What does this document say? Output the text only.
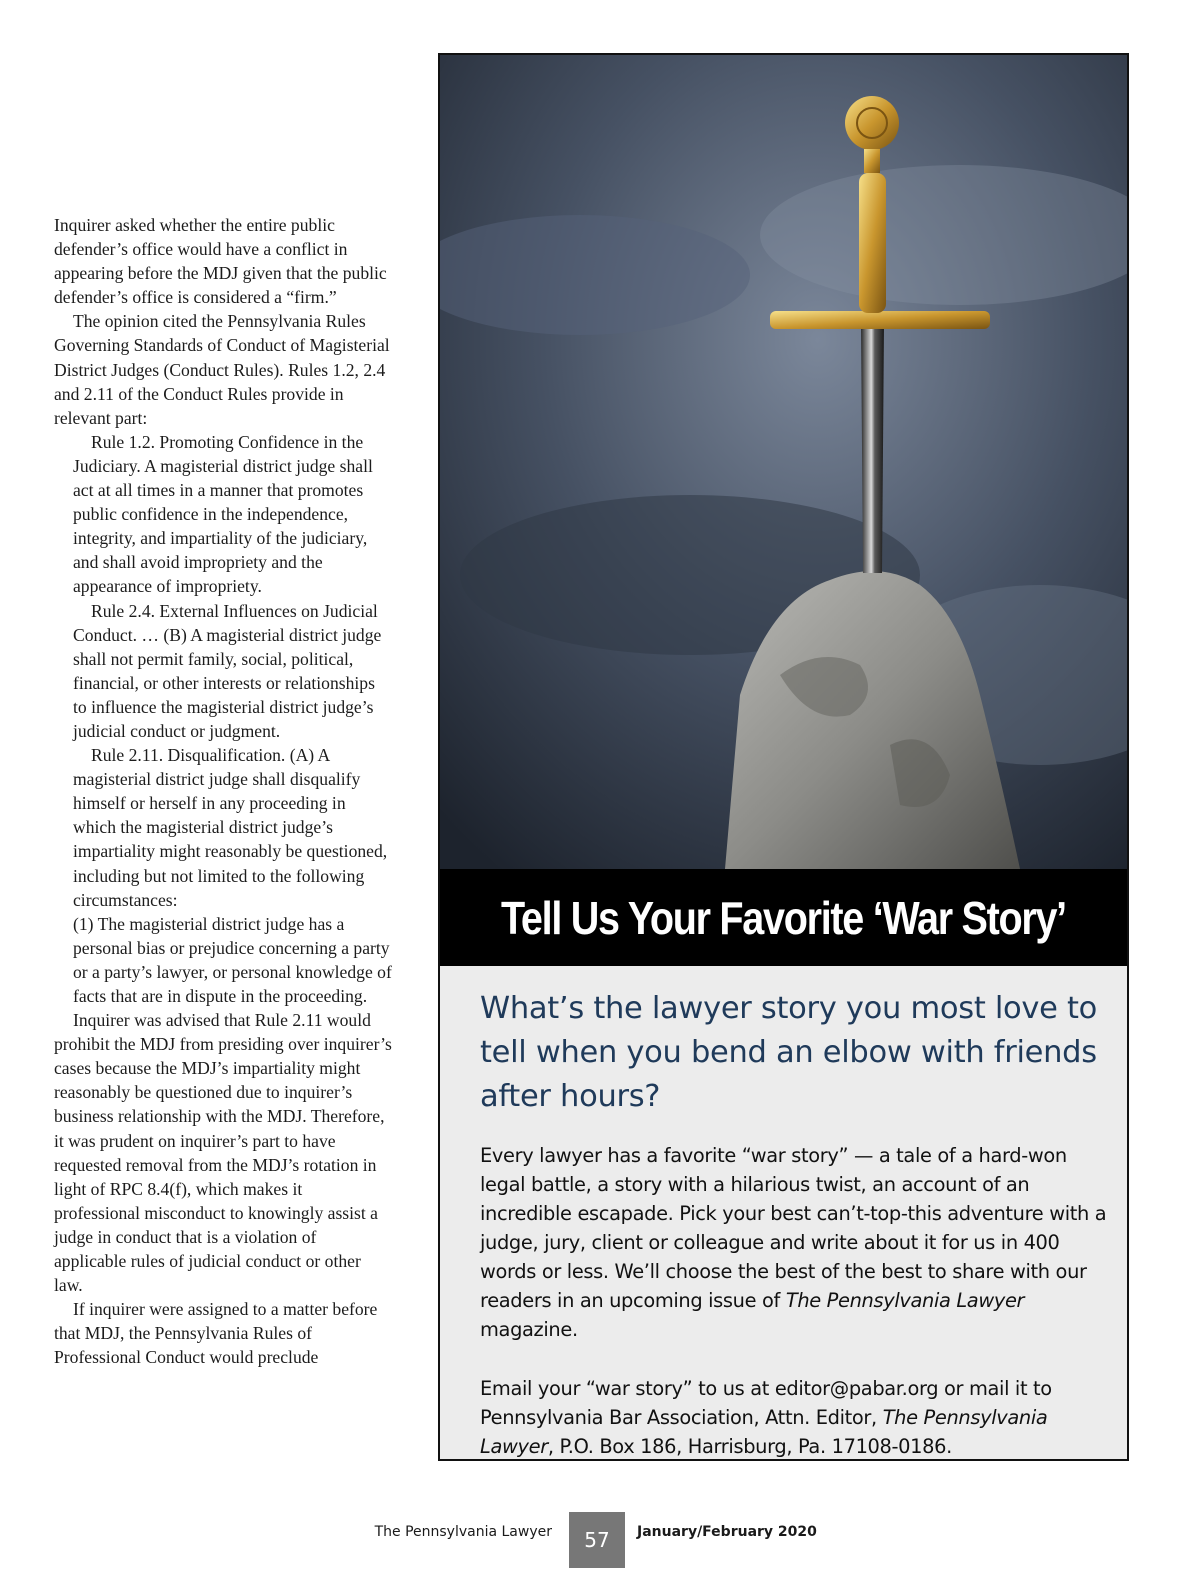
Inquirer asked whether the entire public defender’s office would have a conflict in appearing before the MDJ given that the public defender’s office is considered a “firm.”

The opinion cited the Pennsylvania Rules Governing Standards of Conduct of Magisterial District Judges (Conduct Rules). Rules 1.2, 2.4 and 2.11 of the Conduct Rules provide in relevant part:

Rule 1.2. Promoting Confidence in the Judiciary. A magisterial district judge shall act at all times in a manner that promotes public confidence in the independence, integrity, and impartiality of the judiciary, and shall avoid impropriety and the appearance of impropriety.

Rule 2.4. External Influences on Judicial Conduct. … (B) A magisterial district judge shall not permit family, social, political, financial, or other interests or relationships to influence the magisterial district judge’s judicial conduct or judgment.

Rule 2.11. Disqualification. (A) A magisterial district judge shall disqualify himself or herself in any proceeding in which the magisterial district judge’s impartiality might reasonably be questioned, including but not limited to the following circumstances:

(1) The magisterial district judge has a personal bias or prejudice concerning a party or a party’s lawyer, or personal knowledge of facts that are in dispute in the proceeding.

Inquirer was advised that Rule 2.11 would prohibit the MDJ from presiding over inquirer’s cases because the MDJ’s impartiality might reasonably be questioned due to inquirer’s business relationship with the MDJ. Therefore, it was prudent on inquirer’s part to have requested removal from the MDJ’s rotation in light of RPC 8.4(f), which makes it professional misconduct to knowingly assist a judge in conduct that is a violation of applicable rules of judicial conduct or other law.

If inquirer were assigned to a matter before that MDJ, the Pennsylvania Rules of Professional Conduct would preclude

Tell Us Your Favorite ‘War Story’

What’s the lawyer story you most love to tell when you bend an elbow with friends after hours?

Every lawyer has a favorite “war story” — a tale of a hard-won legal battle, a story with a hilarious twist, an account of an incredible escapade. Pick your best can’t-top-this adventure with a judge, jury, client or colleague and write about it for us in 400 words or less. We’ll choose the best of the best to share with our readers in an upcoming issue of The Pennsylvania Lawyer magazine.

Email your “war story” to us at editor@pabar.org or mail it to Pennsylvania Bar Association, Attn. Editor, The Pennsylvania Lawyer, P.O. Box 186, Harrisburg, Pa. 17108-0186.

The Pennsylvania Lawyer	57	January/February 2020
